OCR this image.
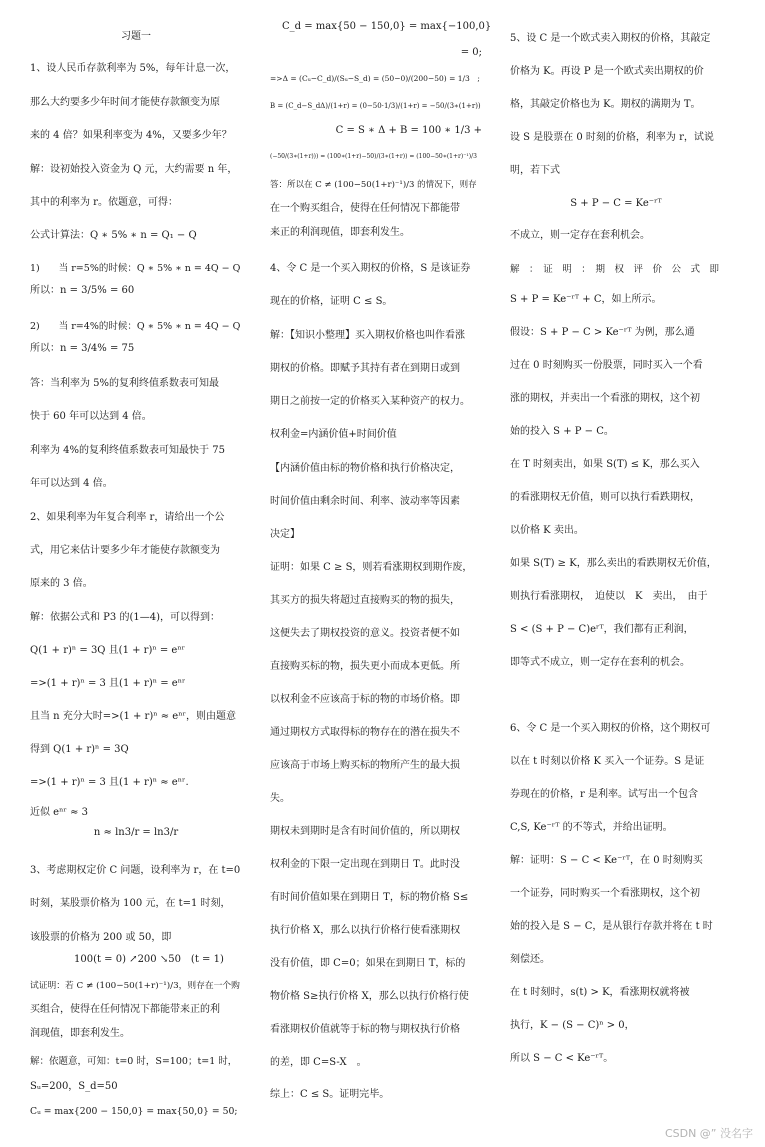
习题一
1、设人民币存款利率为 5%，每年计息一次，
那么大约要多少年时间才能使存款额变为原
来的 4 倍？如果利率变为 4%，又要多少年？
解：设初始投入资金为 Q 元，大约需要 n 年，
其中的利率为 r。依题意，可得：
公式计算法：Q ∗ 5% ∗ n = Q₁ − Q
1)　　当 r=5%的时候：Q ∗ 5% ∗ n = 4Q − Q
所以：n = 3/5% = 60
2)　　当 r=4%的时候：Q ∗ 5% ∗ n = 4Q − Q
所以：n = 3/4% = 75
答：当利率为 5%的复利终值系数表可知最
快于 60 年可以达到 4 倍。
利率为 4%的复利终值系数表可知最快于 75
年可以达到 4 倍。
2、如果利率为年复合利率 r，请给出一个公
式，用它来估计要多少年才能使存款额变为
原来的 3 倍。
解：依据公式和 P3 的(1—4)，可以得到：
Q(1 + r)ⁿ = 3Q 且(1 + r)ⁿ = eⁿʳ
=>(1 + r)ⁿ = 3 且(1 + r)ⁿ = eⁿʳ
且当 n 充分大时=>(1 + r)ⁿ ≈ eⁿʳ，则由题意
得到 Q(1 + r)ⁿ = 3Q
=>(1 + r)ⁿ = 3 且(1 + r)ⁿ ≈ eⁿʳ.
近似 eⁿʳ ≈ 3
n ≈ ln3/r = ln3/r
3、考虑期权定价 C 问题，设利率为 r，在 t=0
时刻，某股票价格为 100 元，在 t=1 时刻，
该股票的价格为 200 或 50，即
100(t = 0) ↗200 ↘50　(t = 1)
试证明：若 C ≠ (100−50(1+r)⁻¹)/3，则存在一个购
买组合，使得在任何情况下都能带来正的利
润现值，即套利发生。
解：依题意，可知：t=0 时，S=100；t=1 时，
Sᵤ=200，S_d=50
Cᵤ = max{200 − 150,0} = max{50,0} = 50;
C_d = max{50 − 150,0} = max{−100,0}
= 0;
=>Δ = (Cᵤ−C_d)/(Sᵤ−S_d) = (50−0)/(200−50) = 1/3　;
B = (C_d−S_dΔ)/(1+r) = (0−50·1/3)/(1+r) = −50/(3∗(1+r))
C = S ∗ Δ + B = 100 ∗ 1/3 +
(−50/(3∗(1+r))) = (100∗(1+r)−50)/(3∗(1+r)) = (100−50∗(1+r)⁻¹)/3
答：所以在 C ≠ (100−50(1+r)⁻¹)/3 的情况下，则存
在一个购买组合，使得在任何情况下都能带
来正的利润现值，即套利发生。
4、令 C 是一个买入期权的价格，S 是该证券
现在的价格，证明 C ≤ S。
解：【知识小整理】买入期权价格也叫作看涨
期权的价格。即赋予其持有者在到期日或到
期日之前按一定的价格买入某种资产的权力。
权利金=内涵价值+时间价值
【内涵价值由标的物价格和执行价格决定，
时间价值由剩余时间、利率、波动率等因素
决定】
证明：如果 C ≥ S，则若看涨期权到期作废，
其买方的损失将超过直接购买的物的损失，
这便失去了期权投资的意义。投资者便不如
直接购买标的物，损失更小而成本更低。所
以权利金不应该高于标的物的市场价格。即
通过期权方式取得标的物存在的潜在损失不
应该高于市场上购买标的物所产生的最大损
失。
期权未到期时是含有时间价值的，所以期权
权利金的下限一定出现在到期日 T。此时没
有时间价值如果在到期日 T，标的物价格 S≤
执行价格 X，那么以执行价格行使看涨期权
没有价值，即 C=0；如果在到期日 T，标的
物价格 S≥执行价格 X，那么以执行价格行使
看涨期权价值就等于标的物与期权执行价格
的差，即 C=S-X　。
综上：C ≤ S。证明完毕。
5、设 C 是一个欧式卖入期权的价格，其敲定
价格为 K。再设 P 是一个欧式卖出期权的价
格，其敲定价格也为 K。期权的满期为 T。
设 S 是股票在 0 时刻的价格，利率为 r，试说
明，若下式
S + P − C = Ke⁻ʳᵀ
不成立，则一定存在套利机会。
解　：　证　明　：　期　权　评　价　公　式　即
S + P = Ke⁻ʳᵀ + C，如上所示。
假设：S + P − C > Ke⁻ʳᵀ 为例，那么通
过在 0 时刻购买一份股票，同时买入一个看
涨的期权，并卖出一个看涨的期权，这个初
始的投入 S + P − C。
在 T 时刻卖出，如果 S(T) ≤ K，那么买入
的看涨期权无价值，则可以执行看跌期权，
以价格 K 卖出。
如果 S(T) ≥ K，那么卖出的看跌期权无价值，
则执行看涨期权，　迫使以　K　卖出，　由于
S < (S + P − C)eʳᵀ，我们都有正利润，
即等式不成立，则一定存在套利的机会。
6、令 C 是一个买入期权的价格，这个期权可
以在 t 时刻以价格 K 买入一个证券。S 是证
券现在的价格，r 是利率。试写出一个包含
C,S, Ke⁻ʳᵀ 的不等式，并给出证明。
解：证明：S − C < Ke⁻ʳᵀ，在 0 时刻购买
一个证券，同时购买一个看涨期权，这个初
始的投入是 S − C，是从银行存款并将在 t 时
刻偿还。
在 t 时刻时，s(t) > K，看涨期权就将被
执行，K − (S − C)ⁿ > 0，
所以 S − C < Ke⁻ʳᵀ。
CSDN @” 没名字
